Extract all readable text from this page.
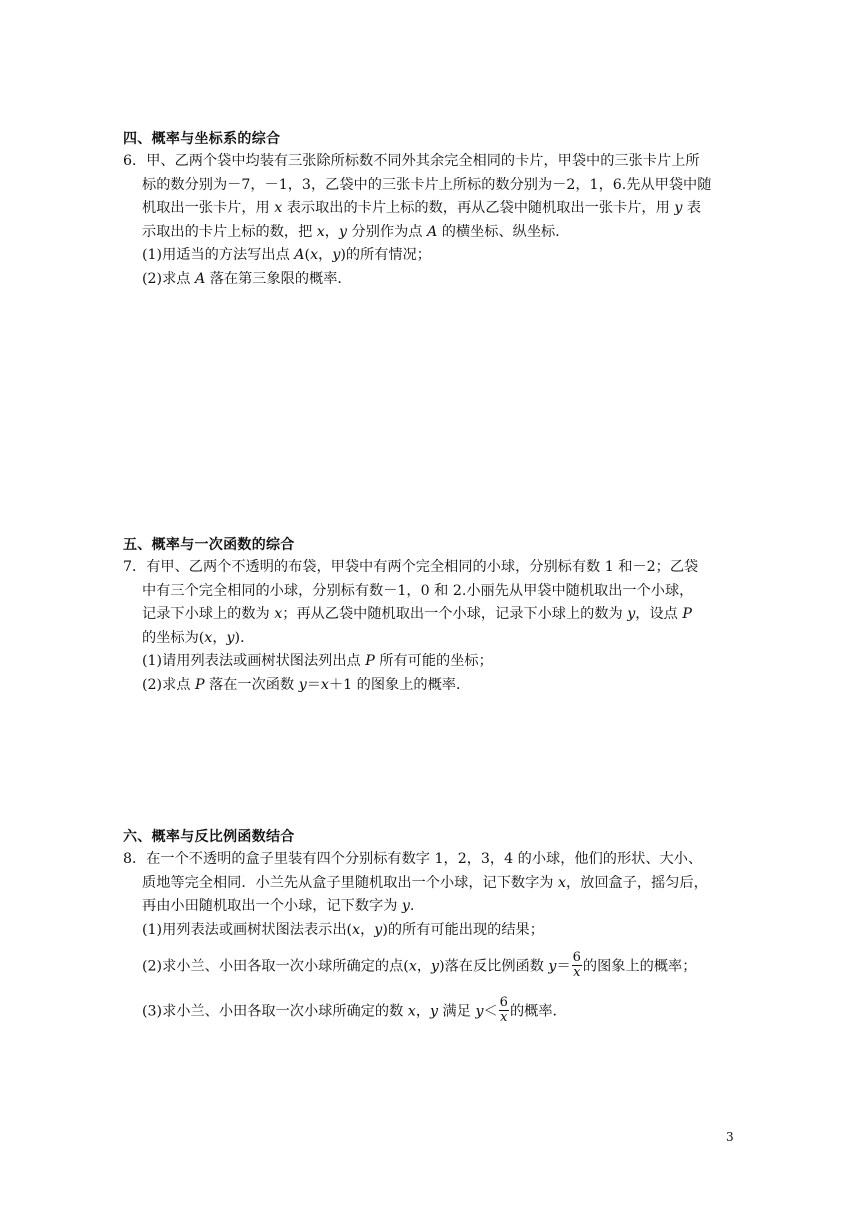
四、概率与坐标系的综合
6．甲、乙两个袋中均装有三张除所标数不同外其余完全相同的卡片，甲袋中的三张卡片上所
标的数分别为－7，－1，3，乙袋中的三张卡片上所标的数分别为－2，1，6.先从甲袋中随
机取出一张卡片，用 x 表示取出的卡片上标的数，再从乙袋中随机取出一张卡片，用 y 表
示取出的卡片上标的数，把 x，y 分别作为点 A 的横坐标、纵坐标．
(1)用适当的方法写出点 A(x，y)的所有情况；
(2)求点 A 落在第三象限的概率．
五、概率与一次函数的综合
7．有甲、乙两个不透明的布袋，甲袋中有两个完全相同的小球，分别标有数 1 和－2；乙袋
中有三个完全相同的小球，分别标有数－1，0 和 2.小丽先从甲袋中随机取出一个小球，
记录下小球上的数为 x；再从乙袋中随机取出一个小球，记录下小球上的数为 y，设点 P
的坐标为(x，y)．
(1)请用列表法或画树状图法列出点 P 所有可能的坐标；
(2)求点 P 落在一次函数 y＝x＋1 的图象上的概率．
六、概率与反比例函数结合
8．在一个不透明的盒子里装有四个分别标有数字 1，2，3，4 的小球，他们的形状、大小、
质地等完全相同．小兰先从盒子里随机取出一个小球，记下数字为 x，放回盒子，摇匀后，
再由小田随机取出一个小球，记下数字为 y.
(1)用列表法或画树状图法表示出(x，y)的所有可能出现的结果；
(2)求小兰、小田各取一次小球所确定的点(x，y)落在反比例函数 $y= \frac{6}{x}$ 的图象上的概率；
(3)求小兰、小田各取一次小球所确定的数 x，y 满足 $y< \frac{6}{x}$ 的概率．
3
